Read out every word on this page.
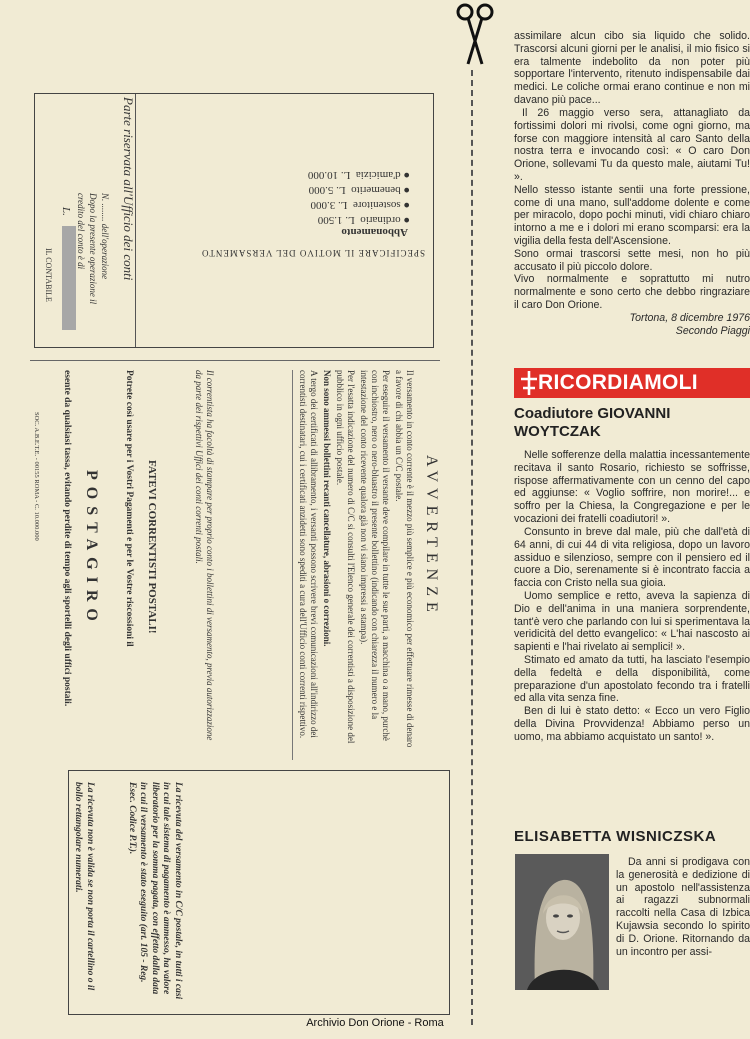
Parte riservata all'Ufficio dei conti
N. ........ dell'operazione
Dopo la presente operazione il
credito del conto è di
L.
IL CONTABILE	SPECIFICARE IL MOTIVO DEL VERSAMENTO
Abbonamento
● ordinario  L. 1.500
● sostenitore  L. 3.000
● benemerito  L. 5.000
● d'amicizia  L. 10.000
AVVERTENZE

Il versamento in conto corrente è il mezzo più semplice e più economico per effettuare rimesse di denaro a favore di chi abbia un C/C postale.

Per eseguire il versamento il versante deve compilare in tutte le sue parti, a macchina o a mano, purchè con inchiostro, nero o nero-bluastro il presente bollettino (indicando con chiarezza il numero e la intestazione del conto ricevente qualora già non vi siano impressi a stampa).

Per l'esatta indicazione del numero di C/C si consulti l'Elenco generale dei correntisti a disposizione del pubblico in ogni ufficio postale.

Non sono ammessi bollettini recanti cancellature, abrasioni o correzioni.

A tergo dei certificati di allibramento, i versanti possono scrivere brevi comunicazioni all'indirizzo dei correntisti destinatari, cui i certificati anzidetti sono spediti a cura dell'Ufficio conti correnti rispettivo.

Il correntista ha facoltà di stampare per proprio conto i bollettini di versamento, previa autorizzazione da parte dei rispettivi Uffici dei conti correnti postali.
FATEVI CORRENTISTI POSTALI!
Potrete così usare per i Vostri Pagamenti e per le Vostre riscossioni il
POSTAGIRO
esente da qualsiasi tassa, evitando perdite di tempo agli sportelli degli uffici postali.
SOC. A.B.E.T.E. - 00155 ROMA - C. 10.000.000
La ricevuta del versamento in C/C postale, in tutti i casi in cui tale sistema di pagamento è ammesso, ha valore liberatorio per la somma pagata, con effetto dalla data in cui il versamento è stato eseguito (art. 105 - Reg. Esec. Codice P.T.).
La ricevuta non è valida se non porta il cartellino o il bollo rettangolare numerati.

assimilare alcun cibo sia liquido che solido. Trascorsi alcuni giorni per le analisi, il mio fisico si era talmente indebolito da non poter più sopportare l'intervento, ritenuto indispensabile dai medici. Le coliche ormai erano continue e non mi davano più pace...

Il 26 maggio verso sera, attanagliato da fortissimi dolori mi rivolsi, come ogni giorno, ma forse con maggiore intensità al caro Santo della nostra terra e invocando così: « O caro Don Orione, sollevami Tu da questo male, aiutami Tu! ».

Nello stesso istante sentii una forte pressione, come di una mano, sull'addome dolente e come per miracolo, dopo pochi minuti, vidi chiaro chiaro intorno a me e i dolori mi erano scomparsi: era la vigilia della festa dell'Ascensione.

Sono ormai trascorsi sette mesi, non ho più accusato il più piccolo dolore.

Vivo normalmente e soprattutto mi nutro normalmente e sono certo che debbo ringraziare il caro Don Orione.

Tortona, 8 dicembre 1976

Secondo Piaggi

RICORDIAMOLI
Coadiutore GIOVANNI WOYTCZAK

Nelle sofferenze della malattia incessantemente recitava il santo Rosario, richiesto se soffrisse, rispose affermativamente con un cenno del capo ed aggiunse: « Voglio soffrire, non morire!... e soffro per la Chiesa, la Congregazione e per le vocazioni dei fratelli coadiutori! ».

Consunto in breve dal male, più che dall'età di 64 anni, di cui 44 di vita religiosa, dopo un lavoro assiduo e silenzioso, sempre con il pensiero ed il cuore a Dio, serenamente si è incontrato faccia a faccia con Cristo nella sua gioia.

Uomo semplice e retto, aveva la sapienza di Dio e dell'anima in una maniera sorprendente, tant'è vero che parlando con lui si sperimentava la veridicità del detto evangelico: « L'hai nascosto ai sapienti e l'hai rivelato ai semplici! ».

Stimato ed amato da tutti, ha lasciato l'esempio della fedeltà e della disponibilità, come preparazione d'un apostolato fecondo tra i fratelli ed alla vita senza fine.

Ben di lui è stato detto: « Ecco un vero Figlio della Divina Provvidenza! Abbiamo perso un uomo, ma abbiamo acquistato un santo! ».

ELISABETTA WISNICZSKA

Da anni si prodigava con la generosità e dedizione di un apostolo nell'assistenza ai ragazzi subnormali raccolti nella Casa di Izbica Kujawsia secondo lo spirito di D. Orione. Ritornando da un incontro per assi-

Archivio Don Orione - Roma
